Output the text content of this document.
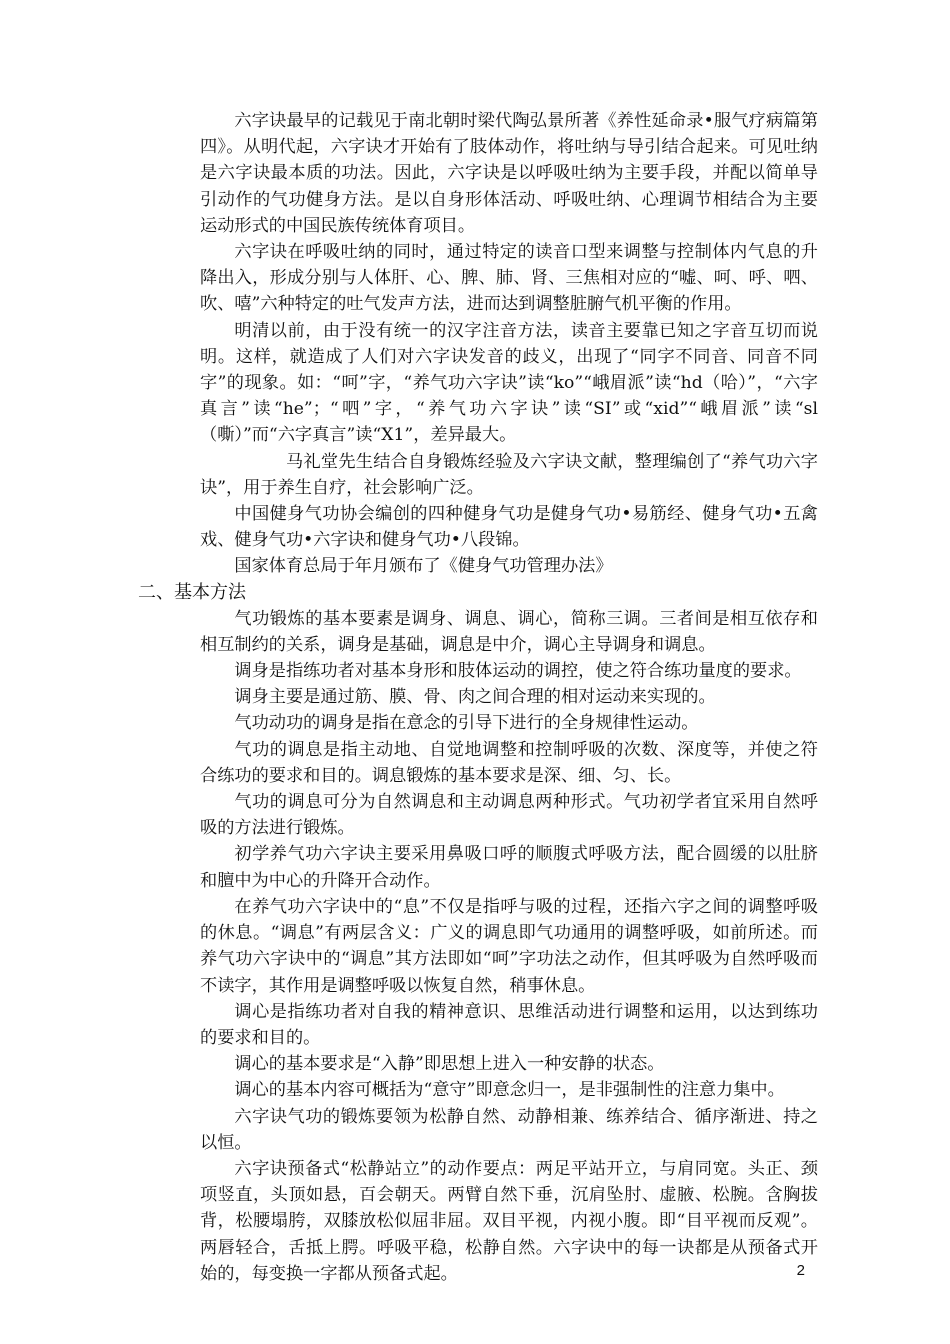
六字诀最早的记载见于南北朝时梁代陶弘景所著《养性延命录•服气疗病篇第四》。从明代起，六字诀才开始有了肢体动作，将吐纳与导引结合起来。可见吐纳是六字诀最本质的功法。因此，六字诀是以呼吸吐纳为主要手段，并配以简单导引动作的气功健身方法。是以自身形体活动、呼吸吐纳、心理调节相结合为主要运动形式的中国民族传统体育项目。

六字诀在呼吸吐纳的同时，通过特定的读音口型来调整与控制体内气息的升降出入，形成分别与人体肝、心、脾、肺、肾、三焦相对应的“嘘、呵、呼、呬、吹、嘻”六种特定的吐气发声方法，进而达到调整脏腑气机平衡的作用。

明清以前，由于没有统一的汉字注音方法，读音主要靠已知之字音互切而说明。这样，就造成了人们对六字诀发音的歧义，出现了“同字不同音、同音不同字”的现象。如：“呵”字，“养气功六字诀”读“ko”“峨眉派”读“hd（哈）”，“六字真言”读“he”；“呬”字，“养气功六字诀”读“SI”或“xid”“峨眉派”读“sl（嘶）”而“六字真言”读“X1”，差异最大。

马礼堂先生结合自身锻炼经验及六字诀文献，整理编创了“养气功六字诀”，用于养生自疗，社会影响广泛。

中国健身气功协会编创的四种健身气功是健身气功•易筋经、健身气功•五禽戏、健身气功•六字诀和健身气功•八段锦。

国家体育总局于年月颁布了《健身气功管理办法》

二、基本方法

气功锻炼的基本要素是调身、调息、调心，简称三调。三者间是相互依存和相互制约的关系，调身是基础，调息是中介，调心主导调身和调息。

调身是指练功者对基本身形和肢体运动的调控，使之符合练功量度的要求。

调身主要是通过筋、膜、骨、肉之间合理的相对运动来实现的。

气功动功的调身是指在意念的引导下进行的全身规律性运动。

气功的调息是指主动地、自觉地调整和控制呼吸的次数、深度等，并使之符合练功的要求和目的。调息锻炼的基本要求是深、细、匀、长。

气功的调息可分为自然调息和主动调息两种形式。气功初学者宜采用自然呼吸的方法进行锻炼。

初学养气功六字诀主要采用鼻吸口呼的顺腹式呼吸方法，配合圆缓的以肚脐和膻中为中心的升降开合动作。

在养气功六字诀中的“息”不仅是指呼与吸的过程，还指六字之间的调整呼吸的休息。“调息”有两层含义：广义的调息即气功通用的调整呼吸，如前所述。而养气功六字诀中的“调息”其方法即如“呵”字功法之动作，但其呼吸为自然呼吸而不读字，其作用是调整呼吸以恢复自然，稍事休息。

调心是指练功者对自我的精神意识、思维活动进行调整和运用，以达到练功的要求和目的。

调心的基本要求是“入静”即思想上进入一种安静的状态。

调心的基本内容可概括为“意守”即意念归一，是非强制性的注意力集中。

六字诀气功的锻炼要领为松静自然、动静相兼、练养结合、循序渐进、持之以恒。

六字诀预备式“松静站立”的动作要点：两足平站开立，与肩同宽。头正、颈项竖直，头顶如悬，百会朝天。两臂自然下垂，沉肩坠肘、虚腋、松腕。含胸拔背，松腰塌胯，双膝放松似屈非屈。双目平视，内视小腹。即“目平视而反观”。两唇轻合，舌抵上腭。呼吸平稳，松静自然。六字诀中的每一诀都是从预备式开始的，每变换一字都从预备式起。	2
